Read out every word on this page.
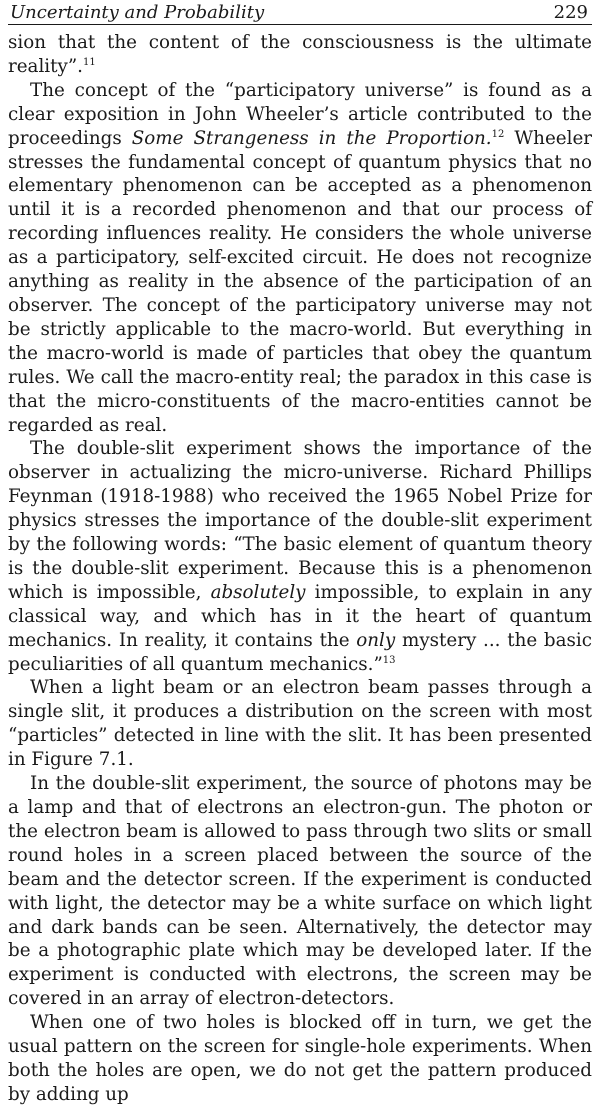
Uncertainty and Probability	229

sion that the content of the consciousness is the ultimate reality”.$^{11}$

The concept of the “participatory universe” is found as a clear exposition in John Wheeler’s article contributed to the proceedings Some Strangeness in the Proportion.$^{12}$ Wheeler stresses the fundamental concept of quantum physics that no elementary phenomenon can be accepted as a phenomenon until it is a recorded phenomenon and that our process of recording influences reality. He considers the whole universe as a participatory, self-excited circuit. He does not recognize anything as reality in the absence of the participation of an observer. The concept of the participatory universe may not be strictly applicable to the macro-world. But everything in the macro-world is made of particles that obey the quantum rules. We call the macro-entity real; the paradox in this case is that the micro-constituents of the macro-entities cannot be regarded as real.

The double-slit experiment shows the importance of the observer in actualizing the micro-universe. Richard Phillips Feynman (1918-1988) who received the 1965 Nobel Prize for physics stresses the importance of the double-slit experiment by the following words: “The basic element of quantum theory is the double-slit experiment. Because this is a phenomenon which is impossible, absolutely impossible, to explain in any classical way, and which has in it the heart of quantum mechanics. In reality, it contains the only mystery ... the basic peculiarities of all quantum mechanics.”$^{13}$

When a light beam or an electron beam passes through a single slit, it produces a distribution on the screen with most “particles” detected in line with the slit. It has been presented in Figure 7.1.

In the double-slit experiment, the source of photons may be a lamp and that of electrons an electron-gun. The photon or the electron beam is allowed to pass through two slits or small round holes in a screen placed between the source of the beam and the detector screen. If the experiment is conducted with light, the detector may be a white surface on which light and dark bands can be seen. Alternatively, the detector may be a photographic plate which may be developed later. If the experiment is conducted with electrons, the screen may be covered in an array of electron-detectors.

When one of two holes is blocked off in turn, we get the usual pattern on the screen for single-hole experiments. When both the holes are open, we do not get the pattern produced by adding up
